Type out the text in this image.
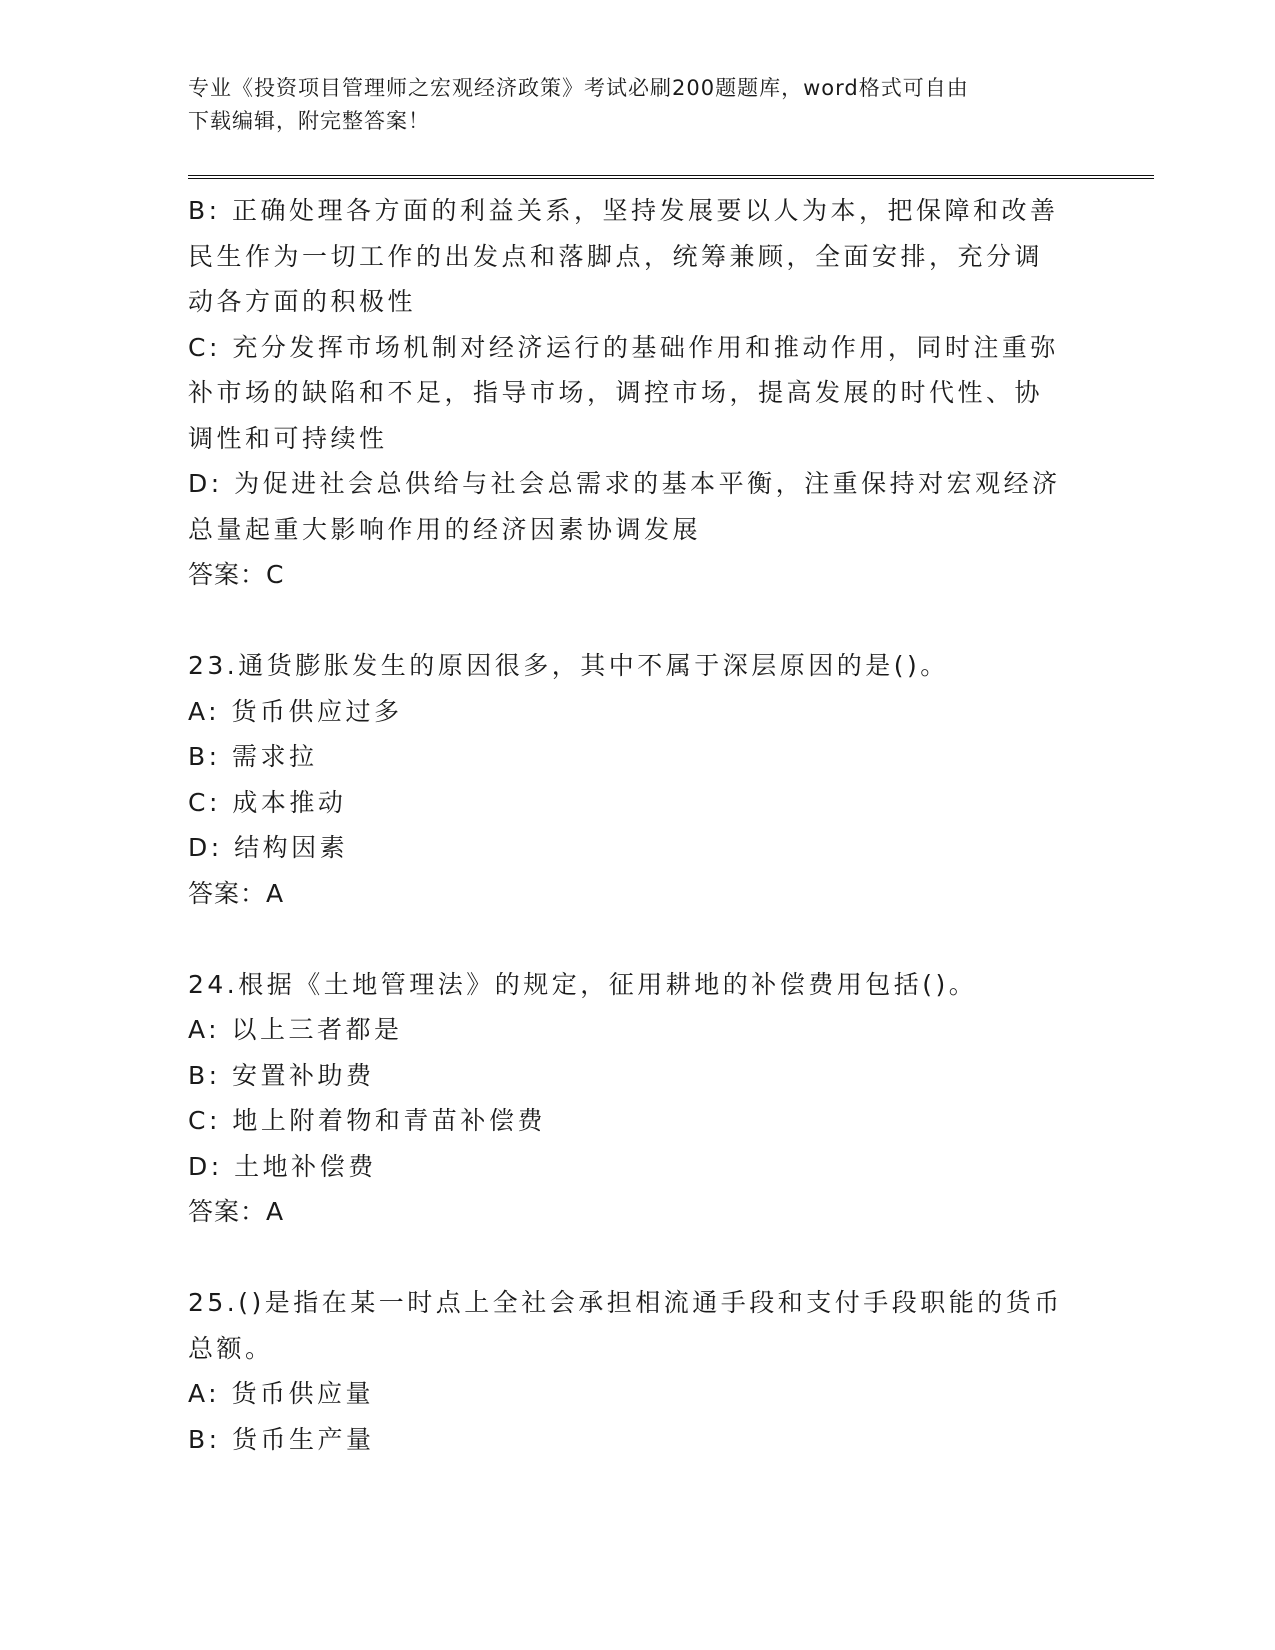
专业《投资项目管理师之宏观经济政策》考试必刷200题题库，word格式可自由
下载编辑，附完整答案！
B: 正确处理各方面的利益关系，坚持发展要以人为本，把保障和改善
民生作为一切工作的出发点和落脚点，统筹兼顾，全面安排，充分调
动各方面的积极性
C: 充分发挥市场机制对经济运行的基础作用和推动作用，同时注重弥
补市场的缺陷和不足，指导市场，调控市场，提高发展的时代性、协
调性和可持续性
D: 为促进社会总供给与社会总需求的基本平衡，注重保持对宏观经济
总量起重大影响作用的经济因素协调发展
答案：C
23.通货膨胀发生的原因很多，其中不属于深层原因的是()。
A: 货币供应过多
B: 需求拉
C: 成本推动
D: 结构因素
答案：A
24.根据《土地管理法》的规定，征用耕地的补偿费用包括()。
A: 以上三者都是
B: 安置补助费
C: 地上附着物和青苗补偿费
D: 土地补偿费
答案：A
25.()是指在某一时点上全社会承担相流通手段和支付手段职能的货币
总额。
A: 货币供应量
B: 货币生产量
